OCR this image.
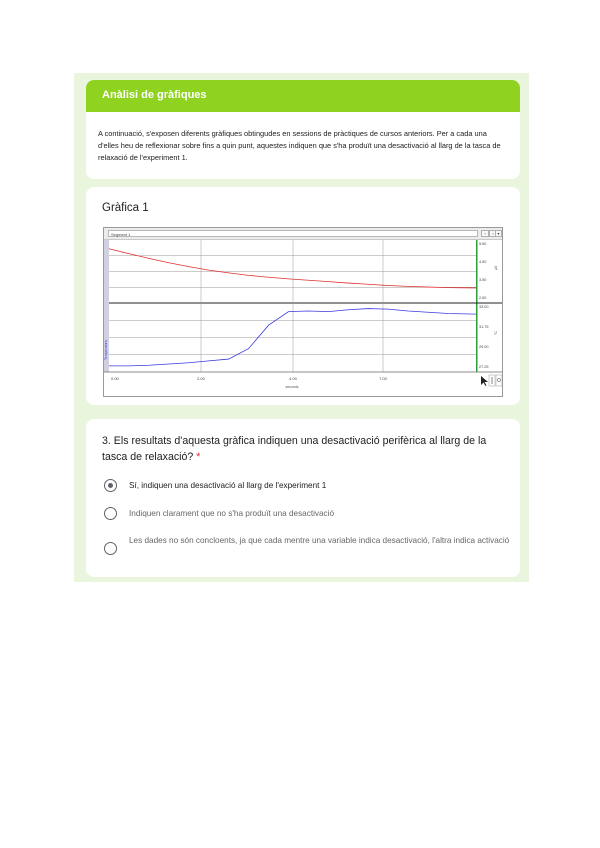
Anàlisi de gràfiques
A continuació, s'exposen diferents gràfiques obtingudes en sessions de pràctiques de cursos anteriors. Per a cada una d'elles heu de reflexionar sobre fins a quin punt, aquestes indiquen que s'ha produït una desactivació al llarg de la tasca de relaxació de l'experiment 1.
Gràfica 1
Segment 1	‹	› ▾
Temperatura
0.00	2.00	4.00	7.00
5.50
4.50
3.50
2.50
33.00
31.75
29.00
27.25
seconds
µS
°C
3. Els resultats d'aquesta gràfica indiquen una desactivació perifèrica al llarg de la tasca de relaxació? *
Sí, indiquen una desactivació al llarg de l'experiment 1
Indiquen clarament que no s'ha produït una desactivació
Les dades no són concloents, ja que cada mentre una variable indica desactivació, l'altra indica activació
